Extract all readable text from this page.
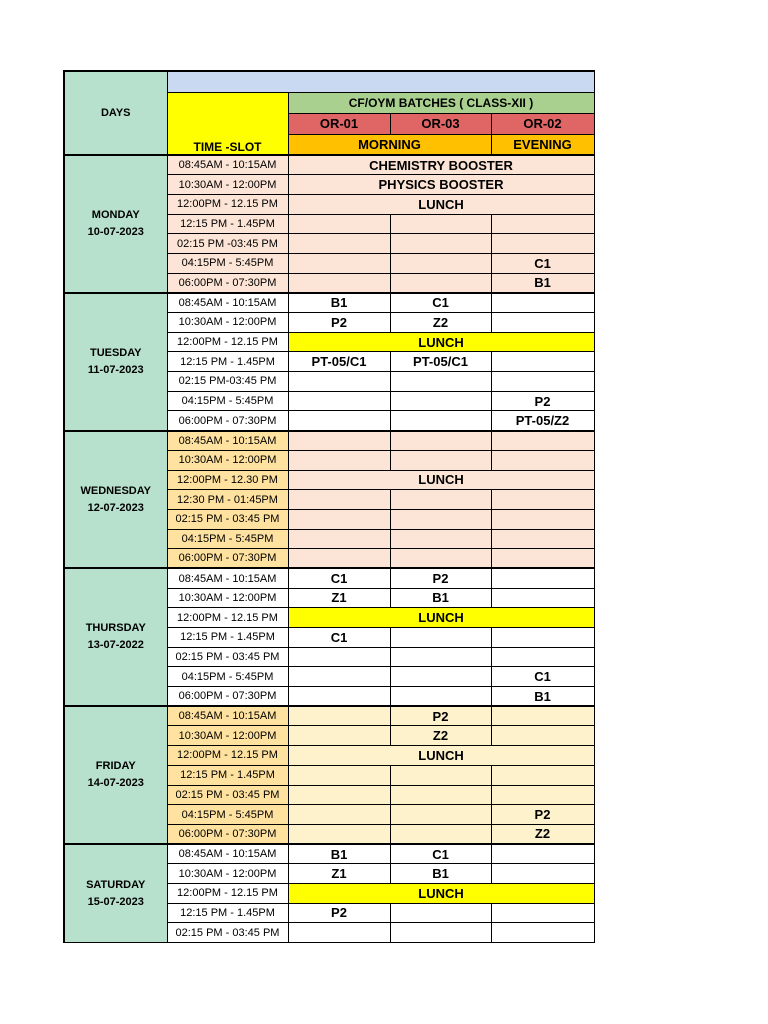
DAYS				
	TIME -SLOT	CF/OYM BATCHES ( CLASS-XII )		
		OR-01	OR-03	OR-02
		MORNING		EVENING

MONDAY
10-07-2023	08:45AM - 10:15AM	CHEMISTRY BOOSTER		
	10:30AM - 12:00PM	PHYSICS BOOSTER		
	12:00PM - 12.15 PM	LUNCH		
	12:15 PM - 1.45PM			
	02:15 PM -03:45 PM			
	04:15PM - 5:45PM			C1
	06:00PM - 07:30PM			B1

TUESDAY
11-07-2023	08:45AM - 10:15AM	B1	C1	
	10:30AM - 12:00PM	P2	Z2	
	12:00PM - 12.15 PM	LUNCH		
	12:15 PM - 1.45PM	PT-05/C1	PT-05/C1	
	02:15 PM-03:45 PM			
	04:15PM - 5:45PM			P2
	06:00PM - 07:30PM			PT-05/Z2

WEDNESDAY
12-07-2023	08:45AM - 10:15AM			
	10:30AM - 12:00PM			
	12:00PM - 12.30 PM	LUNCH		
	12:30 PM - 01:45PM			
	02:15 PM - 03:45 PM			
	04:15PM - 5:45PM			
	06:00PM - 07:30PM			

THURSDAY
13-07-2022	08:45AM - 10:15AM	C1	P2	
	10:30AM - 12:00PM	Z1	B1	
	12:00PM - 12.15 PM	LUNCH		
	12:15 PM - 1.45PM	C1		
	02:15 PM - 03:45 PM			
	04:15PM - 5:45PM			C1
	06:00PM - 07:30PM			B1

FRIDAY
14-07-2023	08:45AM - 10:15AM		P2	
	10:30AM - 12:00PM		Z2	
	12:00PM - 12.15 PM	LUNCH		
	12:15 PM - 1.45PM			
	02:15 PM - 03:45 PM			
	04:15PM - 5:45PM			P2
	06:00PM - 07:30PM			Z2

SATURDAY
15-07-2023	08:45AM - 10:15AM	B1	C1	
	10:30AM - 12:00PM	Z1	B1	
	12:00PM - 12.15 PM	LUNCH		
	12:15 PM - 1.45PM	P2		
	02:15 PM - 03:45 PM			
